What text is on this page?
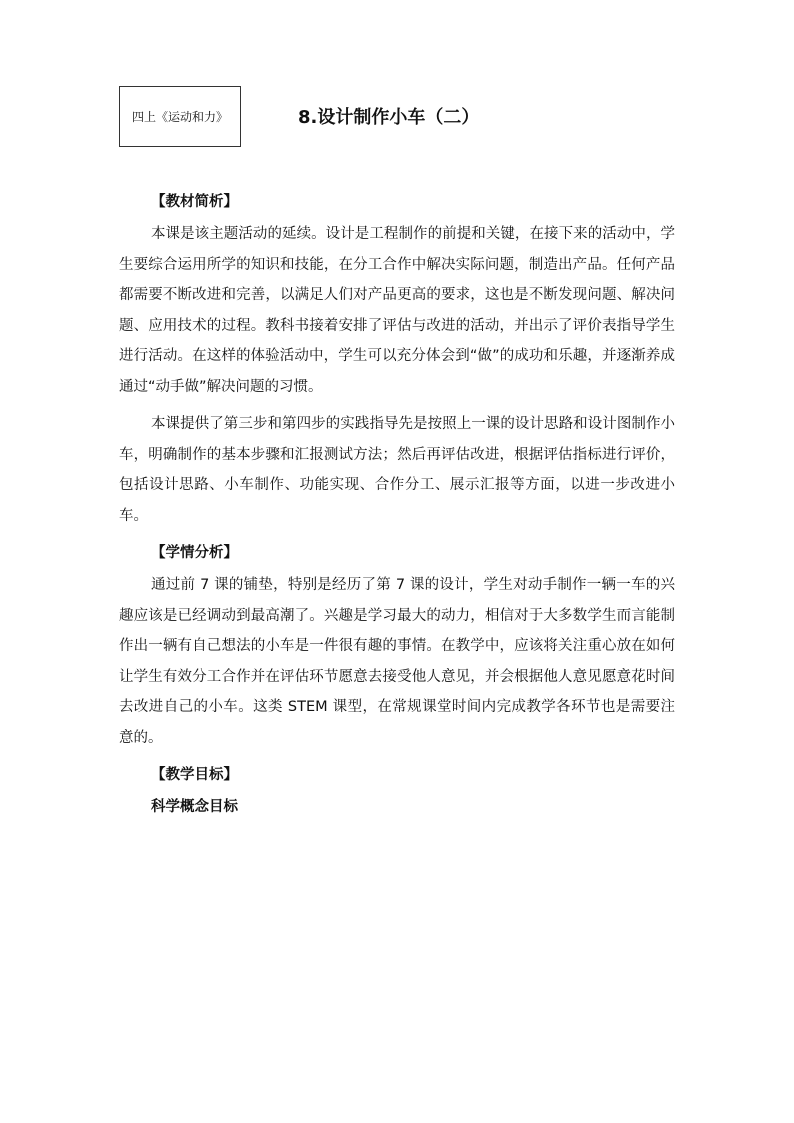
四上《运动和力》	8.设计制作小车（二）
【教材简析】

本课是该主题活动的延续。设计是工程制作的前提和关键，在接下来的活动中，学生要综合运用所学的知识和技能，在分工合作中解决实际问题，制造出产品。任何产品都需要不断改进和完善，以满足人们对产品更高的要求，这也是不断发现问题、解决问题、应用技术的过程。教科书接着安排了评估与改进的活动，并出示了评价表指导学生进行活动。在这样的体验活动中，学生可以充分体会到“做”的成功和乐趣，并逐渐养成通过“动手做”解决问题的习惯。

本课提供了第三步和第四步的实践指导先是按照上一课的设计思路和设计图制作小车，明确制作的基本步骤和汇报测试方法；然后再评估改进，根据评估指标进行评价，包括设计思路、小车制作、功能实现、合作分工、展示汇报等方面，以进一步改进小车。

【学情分析】

通过前 7 课的铺垫，特别是经历了第 7 课的设计，学生对动手制作一辆一车的兴趣应该是已经调动到最高潮了。兴趣是学习最大的动力，相信对于大多数学生而言能制作出一辆有自己想法的小车是一件很有趣的事情。在教学中，应该将关注重心放在如何让学生有效分工合作并在评估环节愿意去接受他人意见，并会根据他人意见愿意花时间去改进自己的小车。这类 STEM 课型，在常规课堂时间内完成教学各环节也是需要注意的。

【教学目标】
科学概念目标
